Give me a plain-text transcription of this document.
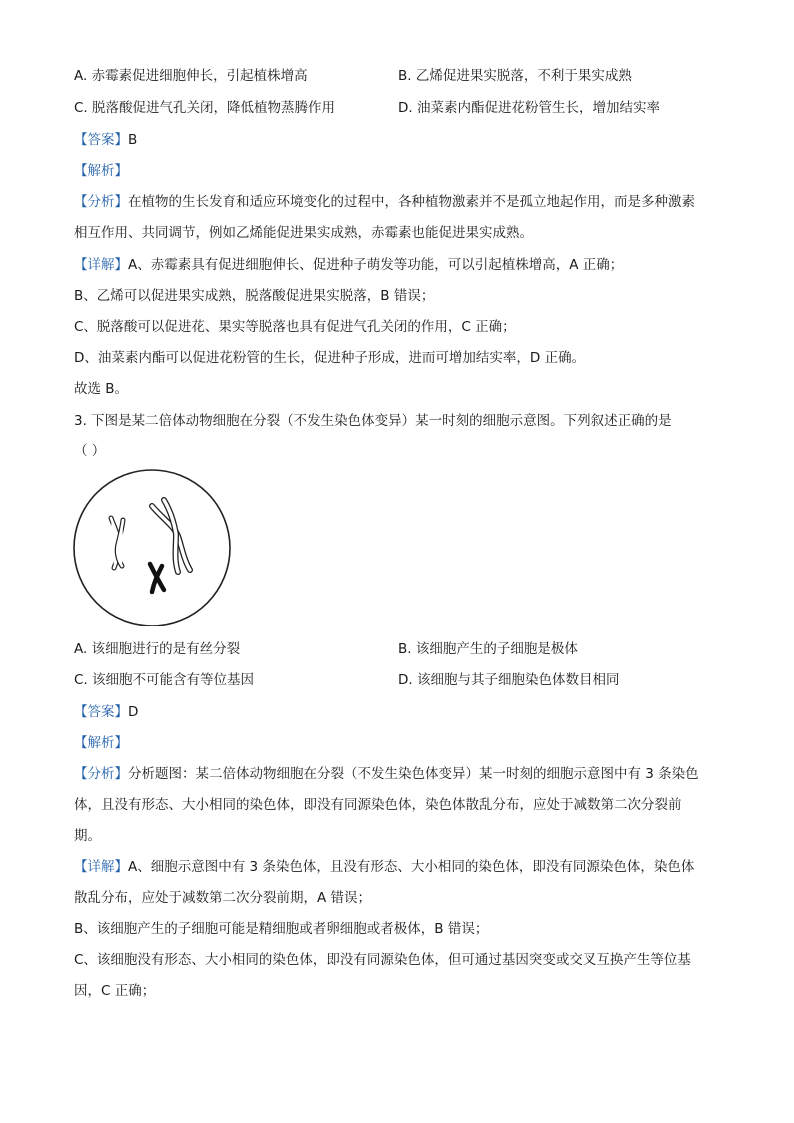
A. 赤霉素促进细胞伸长，引起植株增高	B. 乙烯促进果实脱落，不利于果实成熟
C. 脱落酸促进气孔关闭，降低植物蒸腾作用	D. 油菜素内酯促进花粉管生长，增加结实率
【答案】B
【解析】
【分析】在植物的生长发育和适应环境变化的过程中，各种植物激素并不是孤立地起作用，而是多种激素
相互作用、共同调节，例如乙烯能促进果实成熟，赤霉素也能促进果实成熟。
【详解】A、赤霉素具有促进细胞伸长、促进种子萌发等功能，可以引起植株增高，A 正确；
B、乙烯可以促进果实成熟，脱落酸促进果实脱落，B 错误；
C、脱落酸可以促进花、果实等脱落也具有促进气孔关闭的作用，C 正确；
D、油菜素内酯可以促进花粉管的生长，促进种子形成，进而可增加结实率，D 正确。
故选 B。
3. 下图是某二倍体动物细胞在分裂（不发生染色体变异）某一时刻的细胞示意图。下列叙述正确的是
（ ）
A. 该细胞进行的是有丝分裂	B. 该细胞产生的子细胞是极体
C. 该细胞不可能含有等位基因	D. 该细胞与其子细胞染色体数目相同
【答案】D
【解析】
【分析】分析题图：某二倍体动物细胞在分裂（不发生染色体变异）某一时刻的细胞示意图中有 3 条染色
体，且没有形态、大小相同的染色体，即没有同源染色体，染色体散乱分布，应处于减数第二次分裂前
期。
【详解】A、细胞示意图中有 3 条染色体，且没有形态、大小相同的染色体，即没有同源染色体，染色体
散乱分布，应处于减数第二次分裂前期，A 错误；
B、该细胞产生的子细胞可能是精细胞或者卵细胞或者极体，B 错误；
C、该细胞没有形态、大小相同的染色体，即没有同源染色体，但可通过基因突变或交叉互换产生等位基
因，C 正确；
